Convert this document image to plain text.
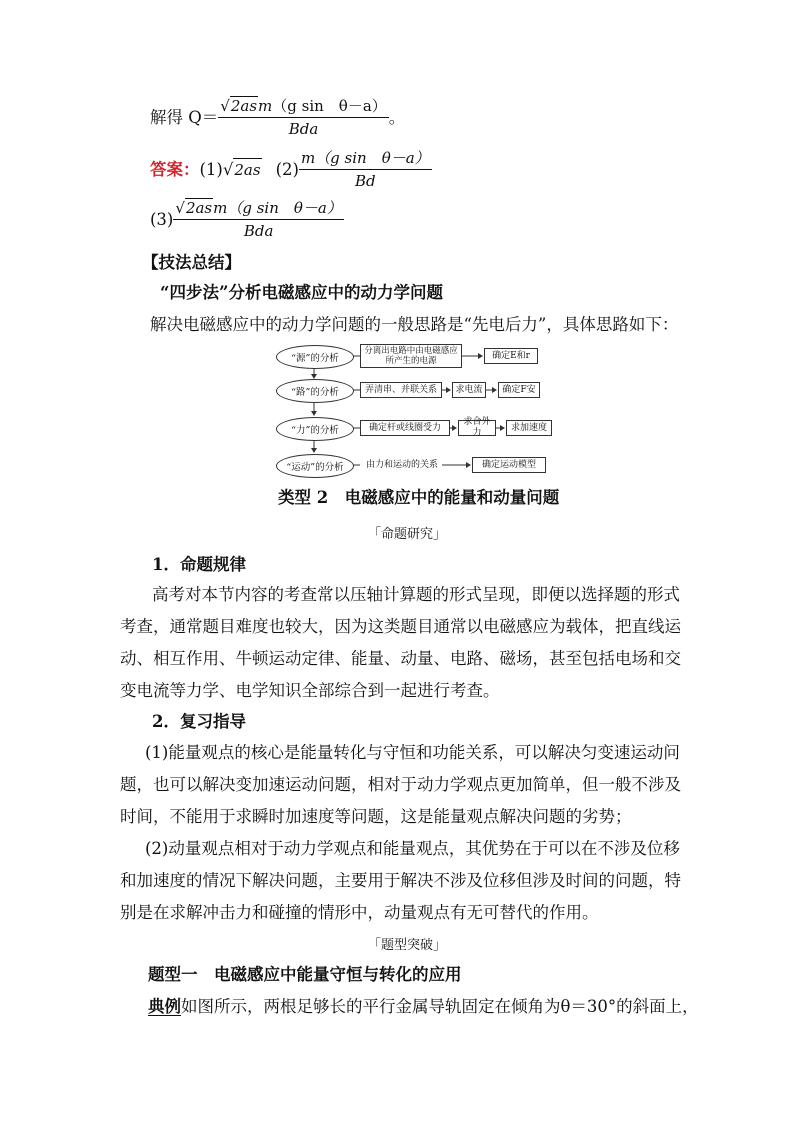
解得 $Q= \frac{\text{√2asm（g sin　θ－a）}}{\text{Bda}}$ 。
答案： (1) √ 2as $(2) \frac{\text{m（g sin　θ－a）}}{Bd}$
$(3) \frac{\text{√2asm（g sin　θ－a）}}{\text{Bda}}$
【技法总结】
“四步法”分析电磁感应中的动力学问题
解决电磁感应中的动力学问题的一般思路是“先电后力”，具体思路如下：
“源”的分析
分离出电路中由电磁感应所产生的电源
确定E和r
“路”的分析	弄清串、并联关系	求电流	确定F安
“力”的分析	确定杆或线圈受力
求合外力
求加速度
“运动”的分析	由力和运动的关系	确定运动模型
类型 2　电磁感应中的能量和动量问题
「命题研究」
1．命题规律
高考对本节内容的考查常以压轴计算题的形式呈现，即便以选择题的形式
考查，通常题目难度也较大，因为这类题目通常以电磁感应为载体，把直线运
动、相互作用、牛顿运动定律、能量、动量、电路、磁场，甚至包括电场和交
变电流等力学、电学知识全部综合到一起进行考查。
2．复习指导
(1)能量观点的核心是能量转化与守恒和功能关系，可以解决匀变速运动问
题，也可以解决变加速运动问题，相对于动力学观点更加简单，但一般不涉及
时间，不能用于求瞬时加速度等问题，这是能量观点解决问题的劣势；
(2)动量观点相对于动力学观点和能量观点，其优势在于可以在不涉及位移
和加速度的情况下解决问题，主要用于解决不涉及位移但涉及时间的问题，特
别是在求解冲击力和碰撞的情形中，动量观点有无可替代的作用。
「题型突破」
题型一　电磁感应中能量守恒与转化的应用
典例如图所示，两根足够长的平行金属导轨固定在倾角为θ＝30°的斜面上，
